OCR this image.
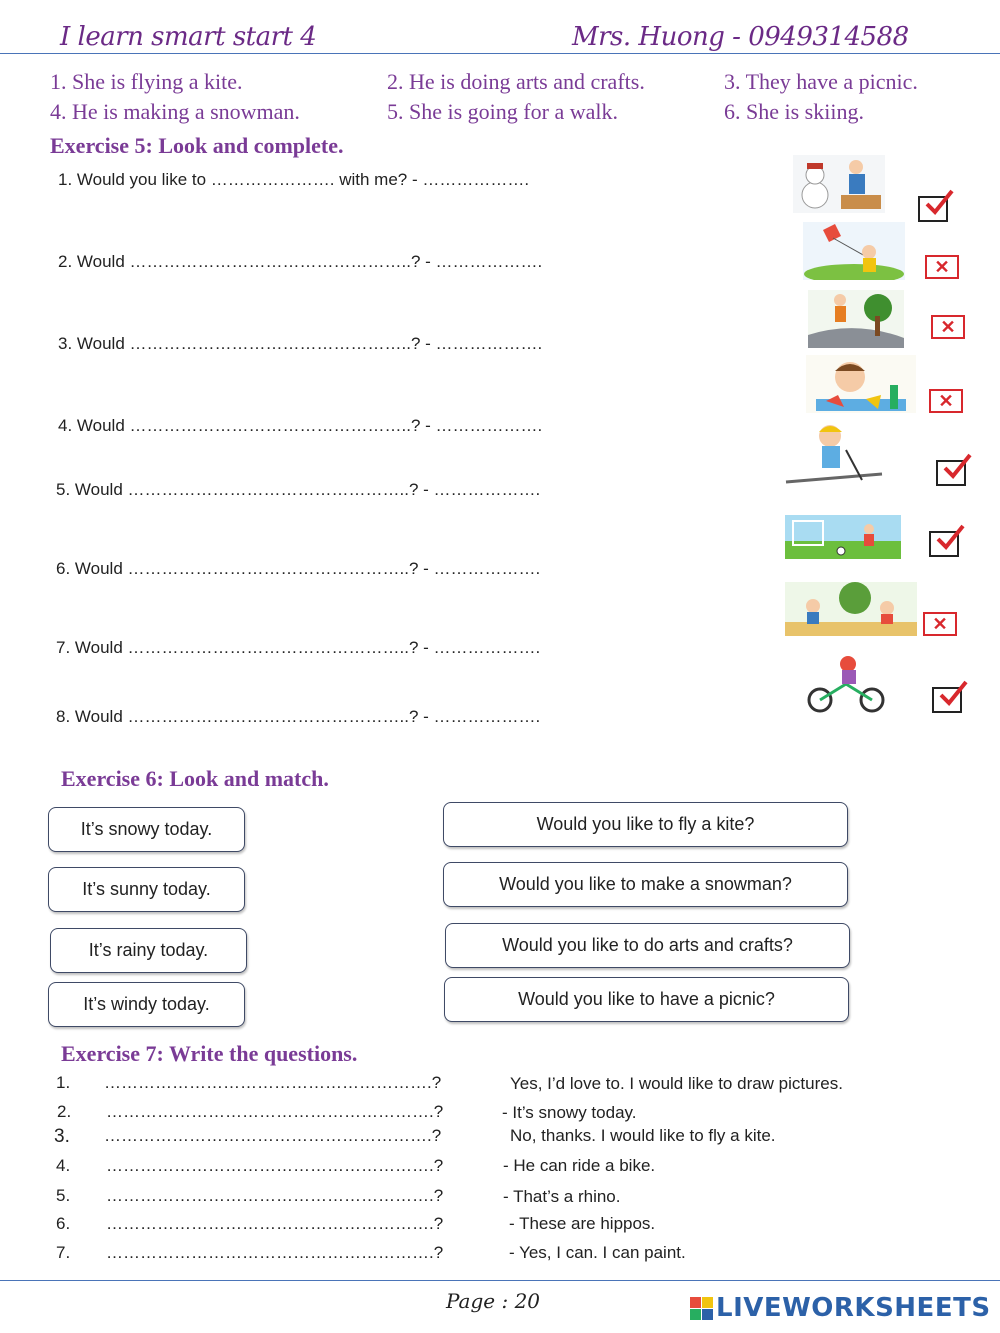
I learn smart start 4	Mrs. Huong - 0949314588
1. She is flying a kite.	2. He is doing arts and crafts.	3. They have a picnic.
4. He is making a snowman.	5. She is going for a walk.	6. She is skiing.
Exercise 5: Look and complete.
1. Would you like to …………………. with me? - ……………….
2. Would …………………………………………..? - ……………….
3. Would …………………………………………..? - ……………….
4. Would …………………………………………..? - ……………….
5. Would …………………………………………..? - ……………….
6. Would …………………………………………..? - ……………….
7. Would …………………………………………..? - ……………….
8. Would …………………………………………..? - ……………….
✕
✕
✕
✕
Exercise 6: Look and match.
It’s snowy today.
It’s sunny today.
It’s rainy today.
It’s windy today.
Would you like to fly a kite?
Would you like to make a snowman?
Would you like to do arts and crafts?
Would you like to have a picnic?
Exercise 7: Write the questions.
1. ………………………………………………….?	Yes, I’d love to. I would like to draw pictures.
2. ………………………………………………….?	- It’s snowy today.
3. ………………………………………………….?	No, thanks. I would like to fly a kite.
4. ………………………………………………….?	- He can ride a bike.
5. ………………………………………………….?	- That’s a rhino.
6. ………………………………………………….?	- These are hippos.
7. ………………………………………………….?	- Yes, I can. I can paint.
Page : 20	LIVEWORKSHEETS
